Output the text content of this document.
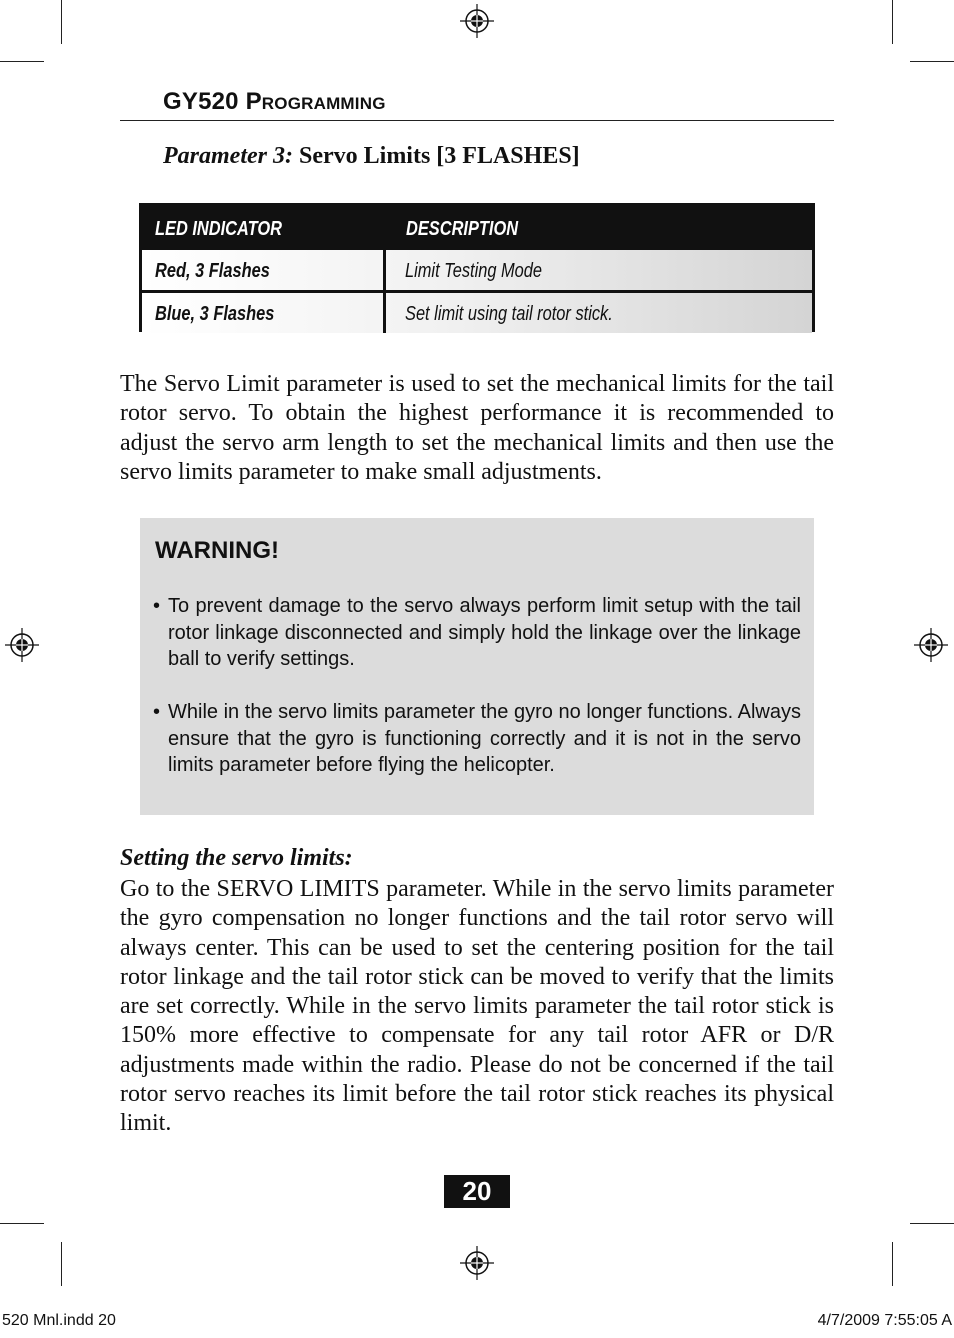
GY520 Programming
Parameter 3: Servo Limits [3 FLASHES]
LED INDICATOR	DESCRIPTION
Red, 3 Flashes	Limit Testing Mode
Blue, 3 Flashes	Set limit using tail rotor stick.
The Servo Limit parameter is used to set the mechanical limits for the tail rotor servo. To obtain the highest performance it is recommended to adjust the servo arm length to set the mechanical limits and then use the servo limits parameter to make small adjustments.
WARNING!
• To prevent damage to the servo always perform limit setup with the tail rotor linkage disconnected and simply hold the linkage over the linkage ball to verify settings.
• While in the servo limits parameter the gyro no longer functions. Always ensure that the gyro is functioning correctly and it is not in the servo limits parameter before flying the helicopter.
Setting the servo limits:
Go to the SERVO LIMITS parameter. While in the servo limits parameter the gyro compensation no longer functions and the tail rotor servo will always center. This can be used to set the centering position for the tail rotor linkage and the tail rotor stick can be moved to verify that the limits are set correctly. While in the servo limits parameter the tail rotor stick is 150% more effective to compensate for any tail rotor AFR or D/R adjustments made within the radio. Please do not be concerned if the tail rotor servo reaches its limit before the tail rotor stick reaches its physical limit.
20
520 Mnl.indd 20	4/7/2009 7:55:05 A
